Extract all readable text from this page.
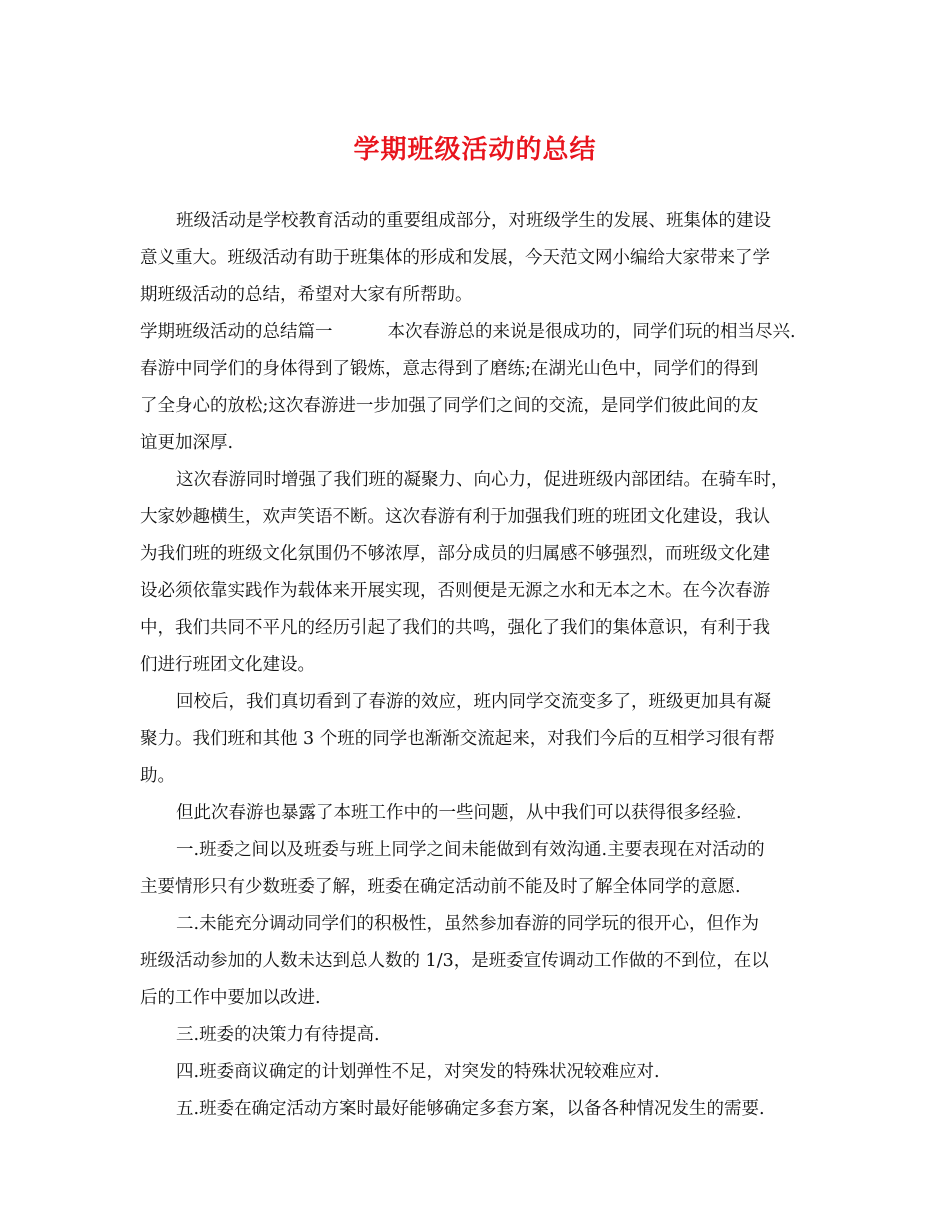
学期班级活动的总结

班级活动是学校教育活动的重要组成部分，对班级学生的发展、班集体的建设

意义重大。班级活动有助于班集体的形成和发展，今天范文网小编给大家带来了学

期班级活动的总结，希望对大家有所帮助。

学期班级活动的总结篇一	本次春游总的来说是很成功的，同学们玩的相当尽兴.

春游中同学们的身体得到了锻炼，意志得到了磨练;在湖光山色中，同学们的得到

了全身心的放松;这次春游进一步加强了同学们之间的交流，是同学们彼此间的友

谊更加深厚.

这次春游同时增强了我们班的凝聚力、向心力，促进班级内部团结。在骑车时，

大家妙趣横生，欢声笑语不断。这次春游有利于加强我们班的班团文化建设，我认

为我们班的班级文化氛围仍不够浓厚，部分成员的归属感不够强烈，而班级文化建

设必须依靠实践作为载体来开展实现，否则便是无源之水和无本之木。在今次春游

中，我们共同不平凡的经历引起了我们的共鸣，强化了我们的集体意识，有利于我

们进行班团文化建设。

回校后，我们真切看到了春游的效应，班内同学交流变多了，班级更加具有凝

聚力。我们班和其他 3 个班的同学也渐渐交流起来，对我们今后的互相学习很有帮

助。

但此次春游也暴露了本班工作中的一些问题，从中我们可以获得很多经验.

一.班委之间以及班委与班上同学之间未能做到有效沟通.主要表现在对活动的

主要情形只有少数班委了解，班委在确定活动前不能及时了解全体同学的意愿.

二.未能充分调动同学们的积极性，虽然参加春游的同学玩的很开心，但作为

班级活动参加的人数未达到总人数的 1/3，是班委宣传调动工作做的不到位，在以

后的工作中要加以改进.

三.班委的决策力有待提高.

四.班委商议确定的计划弹性不足，对突发的特殊状况较难应对.

五.班委在确定活动方案时最好能够确定多套方案，以备各种情况发生的需要.
